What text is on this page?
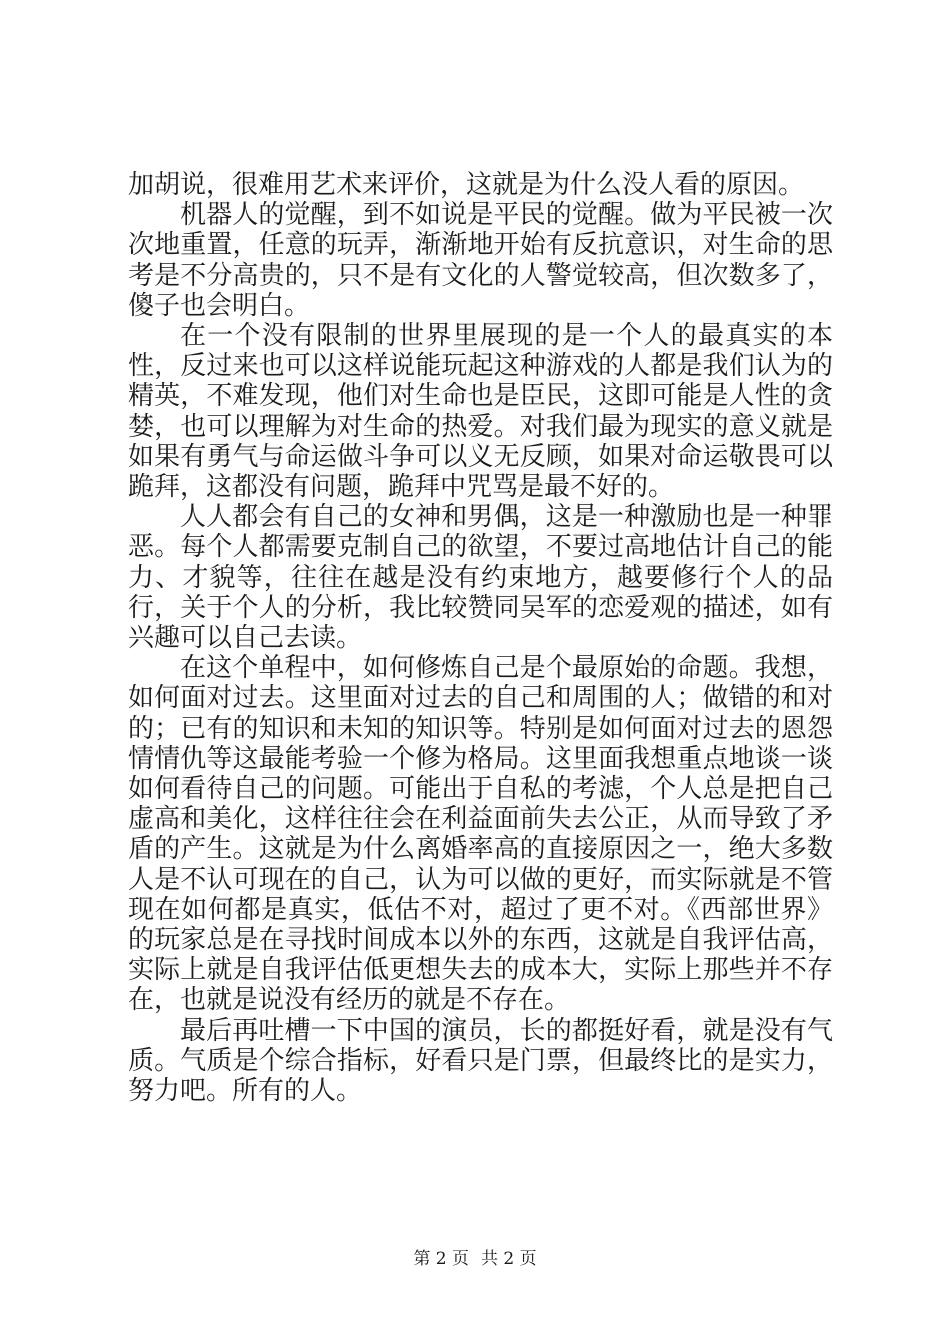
加胡说，很难用艺术来评价，这就是为什么没人看的原因。

机器人的觉醒，到不如说是平民的觉醒。做为平民被一次次地重置，任意的玩弄，渐渐地开始有反抗意识，对生命的思考是不分高贵的，只不是有文化的人警觉较高，但次数多了，傻子也会明白。

在一个没有限制的世界里展现的是一个人的最真实的本性，反过来也可以这样说能玩起这种游戏的人都是我们认为的精英，不难发现，他们对生命也是臣民，这即可能是人性的贪婪，也可以理解为对生命的热爱。对我们最为现实的意义就是如果有勇气与命运做斗争可以义无反顾，如果对命运敬畏可以跪拜，这都没有问题，跪拜中咒骂是最不好的。

人人都会有自己的女神和男偶，这是一种激励也是一种罪恶。每个人都需要克制自己的欲望，不要过高地估计自己的能力、才貌等，往往在越是没有约束地方，越要修行个人的品行，关于个人的分析，我比较赞同吴军的恋爱观的描述，如有兴趣可以自己去读。

在这个单程中，如何修炼自己是个最原始的命题。我想，如何面对过去。这里面对过去的自己和周围的人；做错的和对的；已有的知识和未知的知识等。特别是如何面对过去的恩怨情情仇等这最能考验一个修为格局。这里面我想重点地谈一谈如何看待自己的问题。可能出于自私的考滤，个人总是把自己虚高和美化，这样往往会在利益面前失去公正，从而导致了矛盾的产生。这就是为什么离婚率高的直接原因之一，绝大多数人是不认可现在的自己，认为可以做的更好，而实际就是不管现在如何都是真实，低估不对，超过了更不对。《西部世界》的玩家总是在寻找时间成本以外的东西，这就是自我评估高，实际上就是自我评估低更想失去的成本大，实际上那些并不存在，也就是说没有经历的就是不存在。

最后再吐槽一下中国的演员，长的都挺好看，就是没有气质。气质是个综合指标，好看只是门票，但最终比的是实力，努力吧。所有的人。

第 2 页 共 2 页
